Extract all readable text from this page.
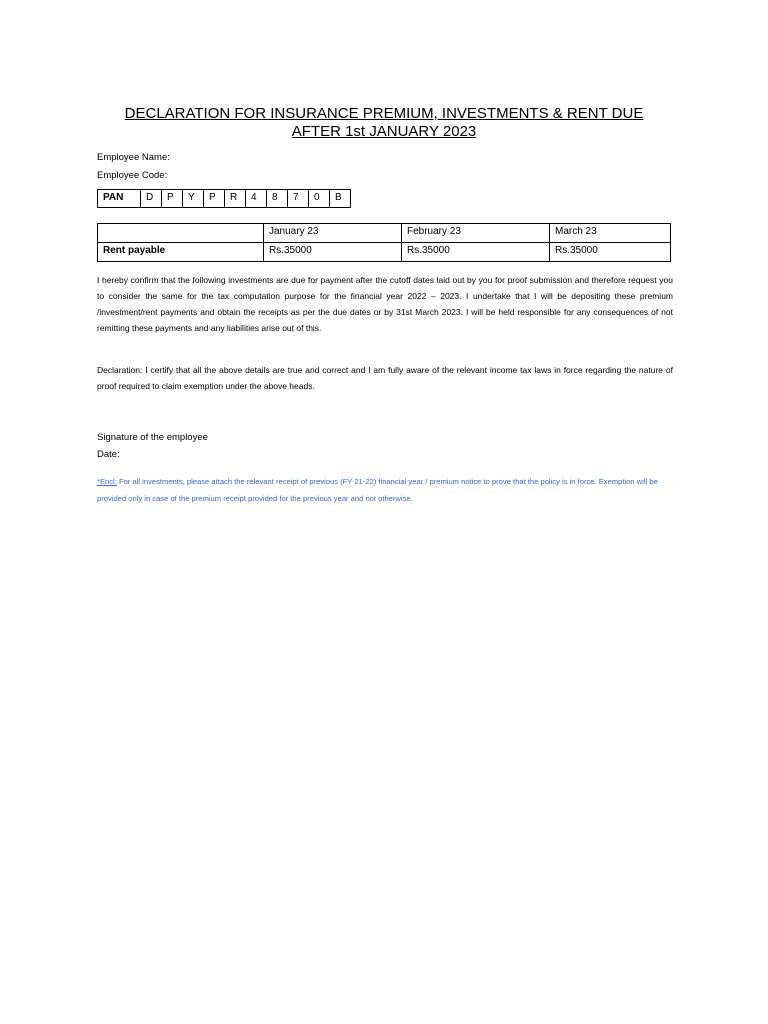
DECLARATION FOR INSURANCE PREMIUM, INVESTMENTS & RENT DUE
AFTER 1st JANUARY 2023
Employee Name:
Employee Code:
PAN	D	P	Y	P	R	4	8	7	0	B
	January 23	February 23	March 23
Rent payable	Rs.35000	Rs.35000	Rs.35000
I hereby confirm that the following investments are due for payment after the cutoff dates laid out by you for proof submission and therefore request you to consider the same for the tax computation purpose for the financial year 2022 – 2023. I undertake that I will be depositing these premium /investment/rent payments and obtain the receipts as per the due dates or by 31st March 2023. I will be held responsible for any consequences of not remitting these payments and any liabilities arise out of this.
Declaration: I certify that all the above details are true and correct and I am fully aware of the relevant income tax laws in force regarding the nature of proof required to claim exemption under the above heads.
Signature of the employee
Date:
*Encl: For all investments, please attach the relevant receipt of previous (FY 21-22) financial year / premium notice to prove that the policy is in force. Exemption will be provided only in case of the premium receipt provided for the previous year and not otherwise.
